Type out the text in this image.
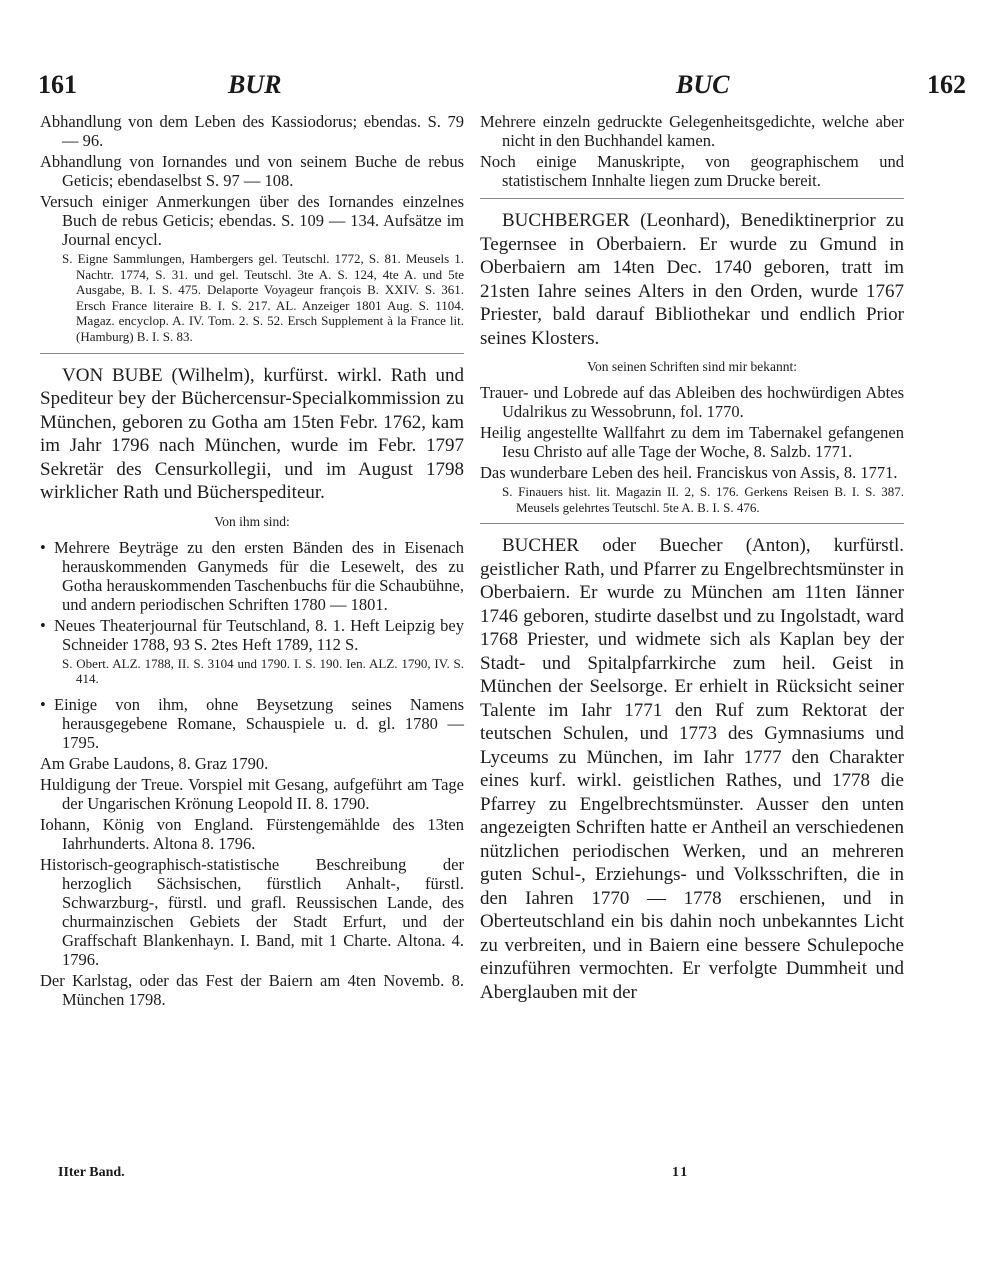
161	BUR	BUC	162

Abhandlung von dem Leben des Kassiodorus; ebendas. S. 79 — 96.

Abhandlung von Iornandes und von seinem Buche de rebus Geticis; ebendaselbst S. 97 — 108.

Versuch einiger Anmerkungen über des Iornandes einzelnes Buch de rebus Geticis; ebendas. S. 109 — 134. Aufsätze im Journal encycl.

S. Eigne Sammlungen, Hambergers gel. Teutschl. 1772, S. 81. Meusels 1. Nachtr. 1774, S. 31. und gel. Teutschl. 3te A. S. 124, 4te A. und 5te Ausgabe, B. I. S. 475. Delaporte Voyageur françois B. XXIV. S. 361. Ersch France literaire B. I. S. 217. AL. Anzeiger 1801 Aug. S. 1104. Magaz. encyclop. A. IV. Tom. 2. S. 52. Ersch Supplement à la France lit. (Hamburg) B. I. S. 83.

VON BUBE (Wilhelm), kurfürst. wirkl. Rath und Spediteur bey der Büchercensur-Specialkommission zu München, geboren zu Gotha am 15ten Febr. 1762, kam im Jahr 1796 nach München, wurde im Febr. 1797 Sekretär des Censurkollegii, und im August 1798 wirklicher Rath und Bücherspediteur.

Von ihm sind:

• Mehrere Beyträge zu den ersten Bänden des in Eisenach herauskommenden Ganymeds für die Lesewelt, des zu Gotha herauskommenden Taschenbuchs für die Schaubühne, und andern periodischen Schriften 1780 — 1801.

• Neues Theaterjournal für Teutschland, 8. 1. Heft Leipzig bey Schneider 1788, 93 S. 2tes Heft 1789, 112 S.

S. Obert. ALZ. 1788, II. S. 3104 und 1790. I. S. 190. Ien. ALZ. 1790, IV. S. 414.

• Einige von ihm, ohne Beysetzung seines Namens herausgegebene Romane, Schauspiele u. d. gl. 1780 — 1795.

Am Grabe Laudons, 8. Graz 1790.

Huldigung der Treue. Vorspiel mit Gesang, aufgeführt am Tage der Ungarischen Krönung Leopold II. 8. 1790.

Iohann, König von England. Fürstengemählde des 13ten Iahrhunderts. Altona 8. 1796.

Historisch-geographisch-statistische Beschreibung der herzoglich Sächsischen, fürstlich Anhalt-, fürstl. Schwarzburg-, fürstl. und grafl. Reussischen Lande, des churmainzischen Gebiets der Stadt Erfurt, und der Graffschaft Blankenhayn. I. Band, mit 1 Charte. Altona. 4. 1796.

Der Karlstag, oder das Fest der Baiern am 4ten Novemb. 8. München 1798.

Mehrere einzeln gedruckte Gelegenheitsgedichte, welche aber nicht in den Buchhandel kamen.

Noch einige Manuskripte, von geographischem und statistischem Innhalte liegen zum Drucke bereit.

BUCHBERGER (Leonhard), Benediktinerprior zu Tegernsee in Oberbaiern. Er wurde zu Gmund in Oberbaiern am 14ten Dec. 1740 geboren, tratt im 21sten Iahre seines Alters in den Orden, wurde 1767 Priester, bald darauf Bibliothekar und endlich Prior seines Klosters.

Von seinen Schriften sind mir bekannt:

Trauer- und Lobrede auf das Ableiben des hochwürdigen Abtes Udalrikus zu Wessobrunn, fol. 1770.

Heilig angestellte Wallfahrt zu dem im Tabernakel gefangenen Iesu Christo auf alle Tage der Woche, 8. Salzb. 1771.

Das wunderbare Leben des heil. Franciskus von Assis, 8. 1771.

S. Finauers hist. lit. Magazin II. 2, S. 176. Gerkens Reisen B. I. S. 387. Meusels gelehrtes Teutschl. 5te A. B. I. S. 476.

BUCHER oder Buecher (Anton), kurfürstl. geistlicher Rath, und Pfarrer zu Engelbrechtsmünster in Oberbaiern. Er wurde zu München am 11ten Iänner 1746 geboren, studirte daselbst und zu Ingolstadt, ward 1768 Priester, und widmete sich als Kaplan bey der Stadt- und Spitalpfarrkirche zum heil. Geist in München der Seelsorge. Er erhielt in Rücksicht seiner Talente im Iahr 1771 den Ruf zum Rektorat der teutschen Schulen, und 1773 des Gymnasiums und Lyceums zu München, im Iahr 1777 den Charakter eines kurf. wirkl. geistlichen Rathes, und 1778 die Pfarrey zu Engelbrechtsmünster. Ausser den unten angezeigten Schriften hatte er Antheil an verschiedenen nützlichen periodischen Werken, und an mehreren guten Schul-, Erziehungs- und Volksschriften, die in den Iahren 1770 — 1778 erschienen, und in Oberteutschland ein bis dahin noch unbekanntes Licht zu verbreiten, und in Baiern eine bessere Schulepoche einzuführen vermochten. Er verfolgte Dummheit und Aberglauben mit der

IIter Band.	11
